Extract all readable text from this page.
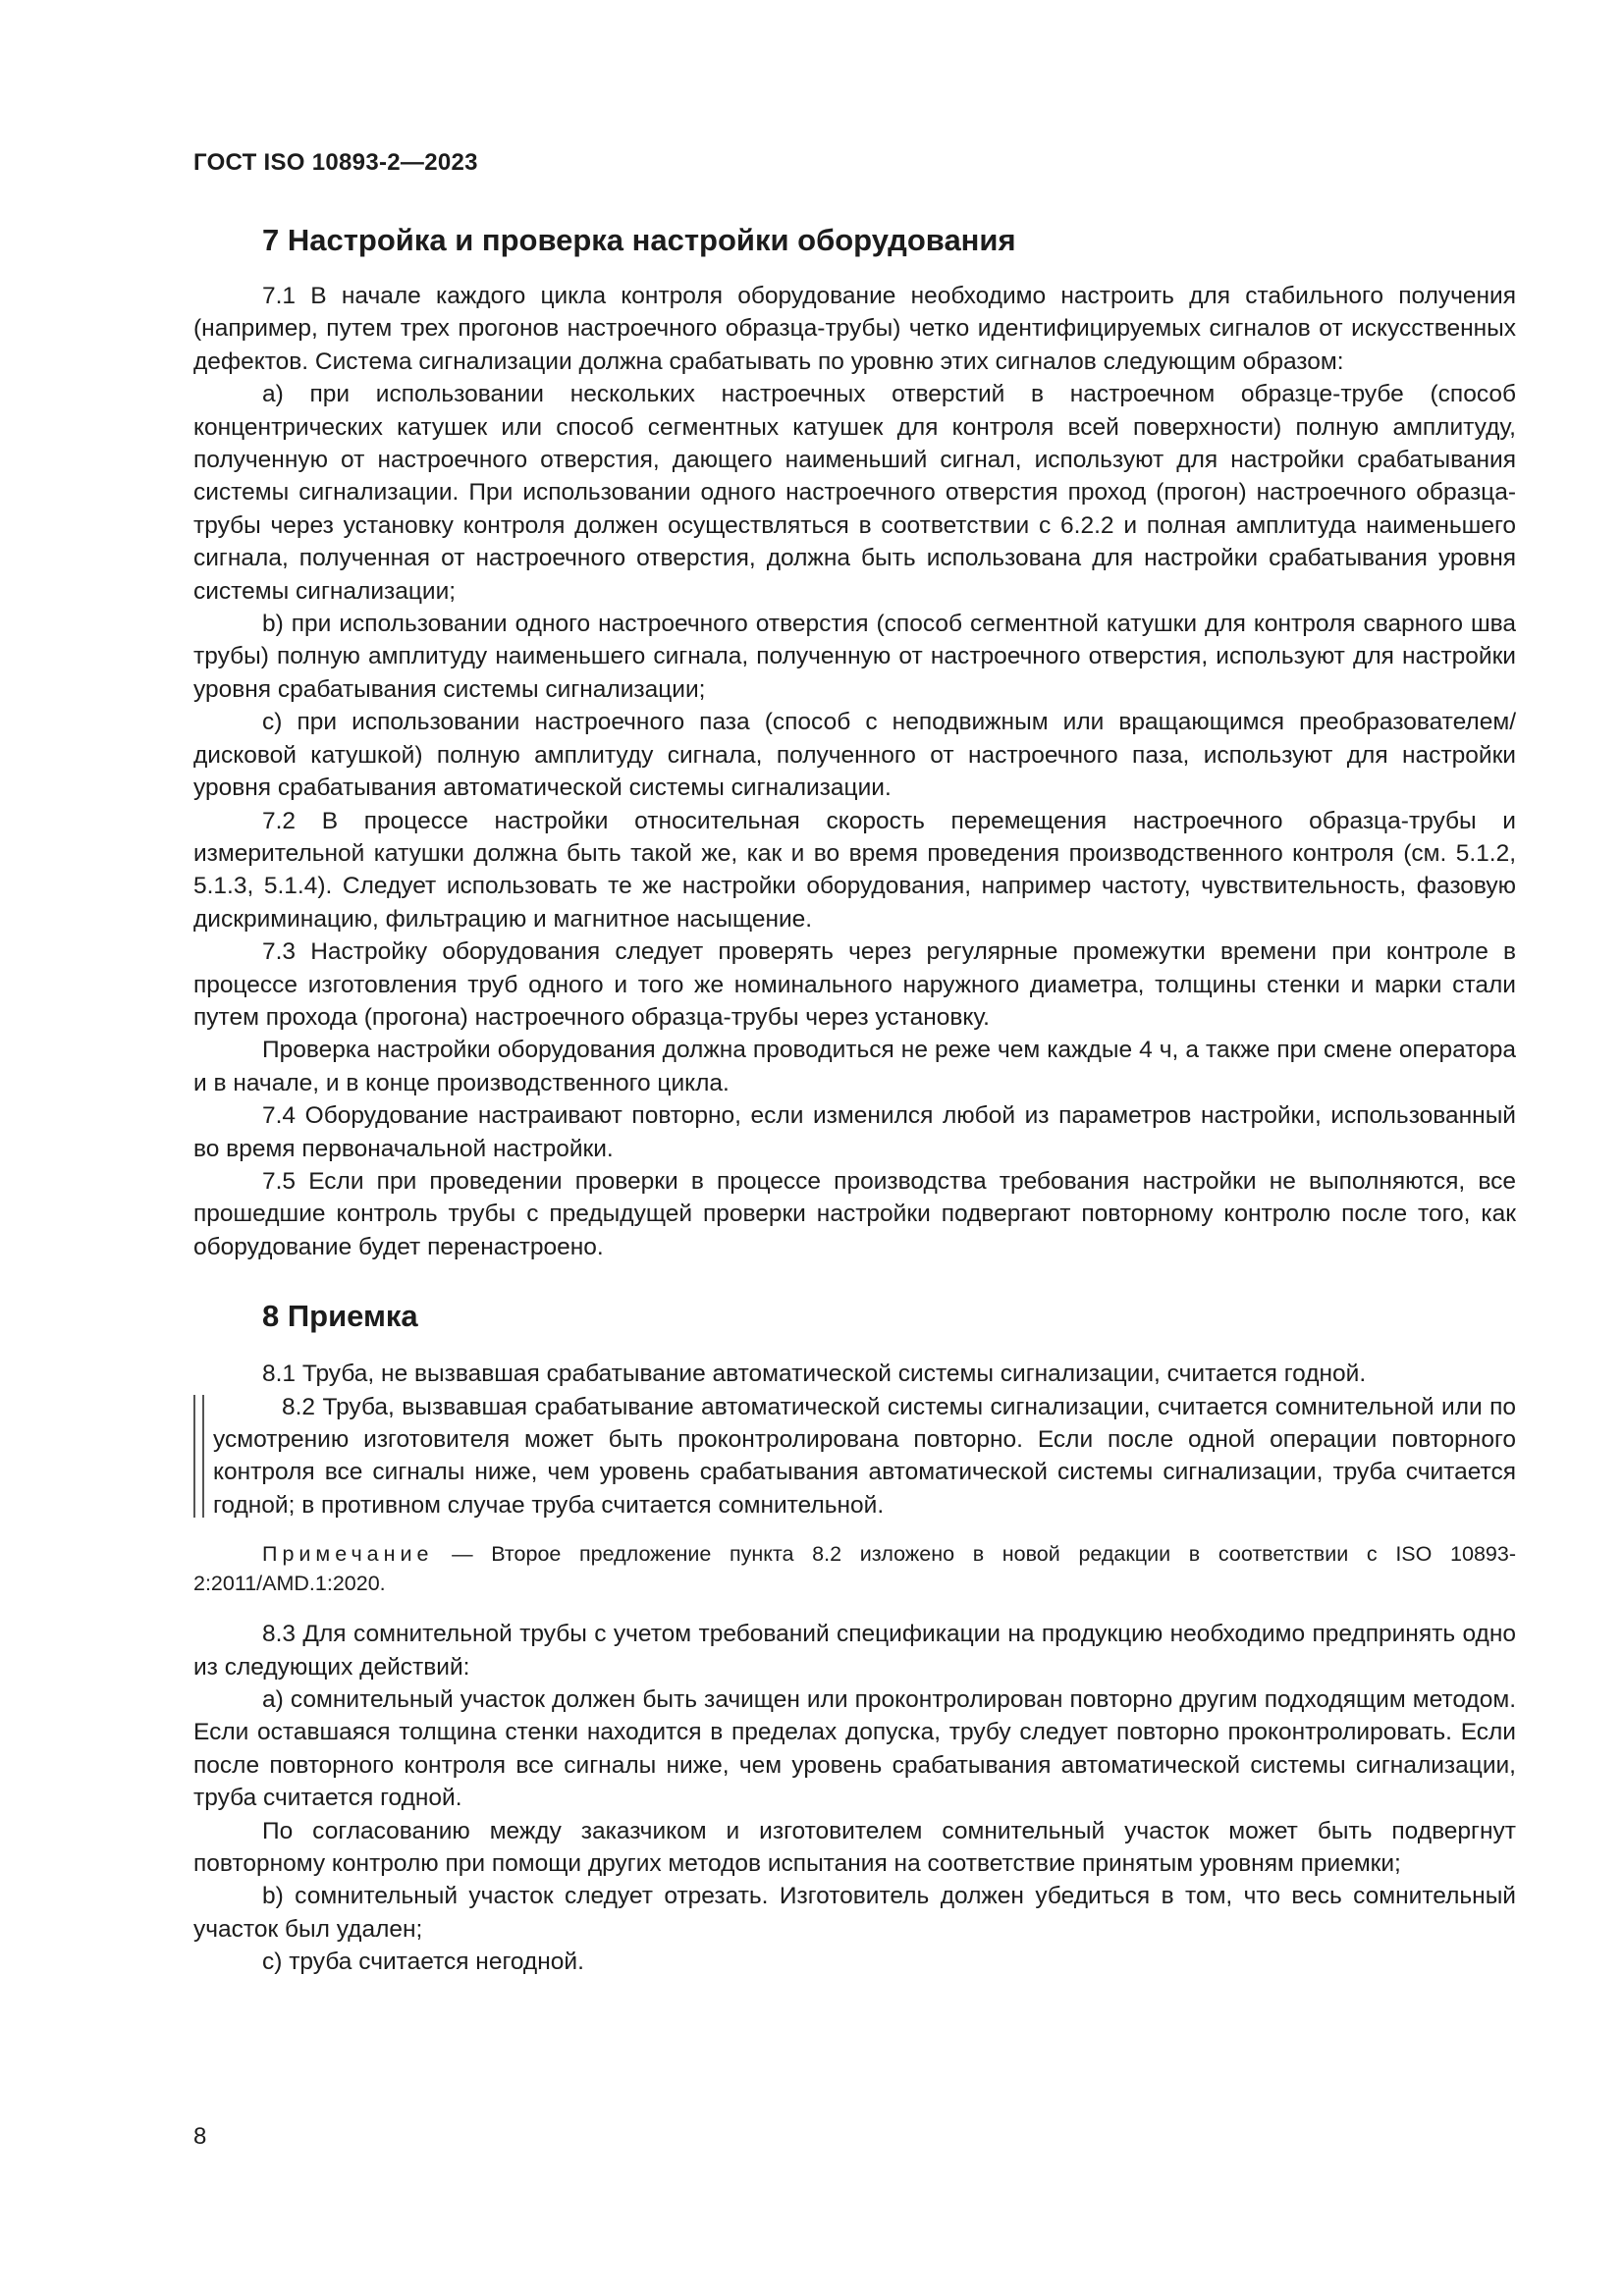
ГОСТ ISO 10893-2—2023
7 Настройка и проверка настройки оборудования

7.1 В начале каждого цикла контроля оборудование необходимо настроить для стабильного получения (например, путем трех прогонов настроечного образца-трубы) четко идентифицируемых сигналов от искусственных дефектов. Система сигнализации должна срабатывать по уровню этих сигналов следующим образом:

a) при использовании нескольких настроечных отверстий в настроечном образце-трубе (способ концентрических катушек или способ сегментных катушек для контроля всей поверхности) полную амплитуду, полученную от настроечного отверстия, дающего наименьший сигнал, используют для настройки срабатывания системы сигнализации. При использовании одного настроечного отверстия проход (прогон) настроечного образца-трубы через установку контроля должен осуществляться в соответствии с 6.2.2 и полная амплитуда наименьшего сигнала, полученная от настроечного отверстия, должна быть использована для настройки срабатывания уровня системы сигнализации;

b) при использовании одного настроечного отверстия (способ сегментной катушки для контроля сварного шва трубы) полную амплитуду наименьшего сигнала, полученную от настроечного отверстия, используют для настройки уровня срабатывания системы сигнализации;

c) при использовании настроечного паза (способ с неподвижным или вращающимся преобразователем/дисковой катушкой) полную амплитуду сигнала, полученного от настроечного паза, используют для настройки уровня срабатывания автоматической системы сигнализации.

7.2 В процессе настройки относительная скорость перемещения настроечного образца-трубы и измерительной катушки должна быть такой же, как и во время проведения производственного контроля (см. 5.1.2, 5.1.3, 5.1.4). Следует использовать те же настройки оборудования, например частоту, чувствительность, фазовую дискриминацию, фильтрацию и магнитное насыщение.

7.3 Настройку оборудования следует проверять через регулярные промежутки времени при контроле в процессе изготовления труб одного и того же номинального наружного диаметра, толщины стенки и марки стали путем прохода (прогона) настроечного образца-трубы через установку.

Проверка настройки оборудования должна проводиться не реже чем каждые 4 ч, а также при смене оператора и в начале, и в конце производственного цикла.

7.4 Оборудование настраивают повторно, если изменился любой из параметров настройки, использованный во время первоначальной настройки.

7.5 Если при проведении проверки в процессе производства требования настройки не выполняются, все прошедшие контроль трубы с предыдущей проверки настройки подвергают повторному контролю после того, как оборудование будет перенастроено.

8 Приемка

8.1 Труба, не вызвавшая срабатывание автоматической системы сигнализации, считается годной.

8.2 Труба, вызвавшая срабатывание автоматической системы сигнализации, считается сомнительной или по усмотрению изготовителя может быть проконтролирована повторно. Если после одной операции повторного контроля все сигналы ниже, чем уровень срабатывания автоматической системы сигнализации, труба считается годной; в противном случае труба считается сомнительной.

Примечание — Второе предложение пункта 8.2 изложено в новой редакции в соответствии с ISO 10893-2:2011/AMD.1:2020.

8.3 Для сомнительной трубы с учетом требований спецификации на продукцию необходимо предпринять одно из следующих действий:

a) сомнительный участок должен быть зачищен или проконтролирован повторно другим подходящим методом. Если оставшаяся толщина стенки находится в пределах допуска, трубу следует повторно проконтролировать. Если после повторного контроля все сигналы ниже, чем уровень срабатывания автоматической системы сигнализации, труба считается годной.

По согласованию между заказчиком и изготовителем сомнительный участок может быть подвергнут повторному контролю при помощи других методов испытания на соответствие принятым уровням приемки;

b) сомнительный участок следует отрезать. Изготовитель должен убедиться в том, что весь сомнительный участок был удален;

c) труба считается негодной.

8
